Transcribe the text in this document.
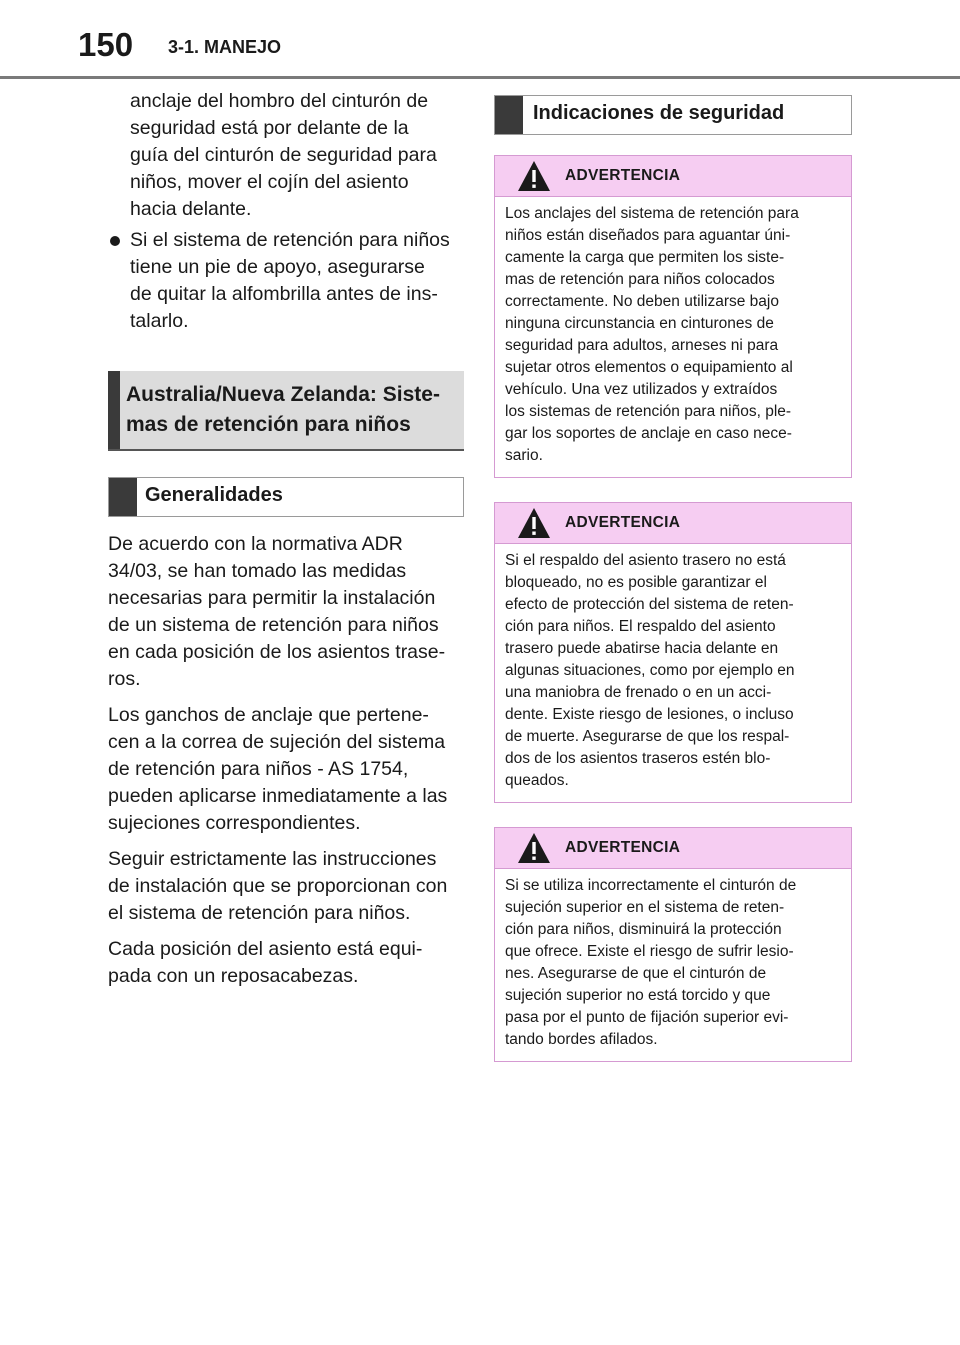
150 3-1. MANEJO
anclaje del hombro del cinturón de
seguridad está por delante de la
guía del cinturón de seguridad para
niños, mover el cojín del asiento
hacia delante.
Si el sistema de retención para niños
tiene un pie de apoyo, asegurarse
de quitar la alfombrilla antes de ins-
talarlo.
Australia/Nueva Zelanda: Siste-
mas de retención para niños
Generalidades
De acuerdo con la normativa ADR
34/03, se han tomado las medidas
necesarias para permitir la instalación
de un sistema de retención para niños
en cada posición de los asientos trase-
ros.
Los ganchos de anclaje que pertene-
cen a la correa de sujeción del sistema
de retención para niños - AS 1754,
pueden aplicarse inmediatamente a las
sujeciones correspondientes.
Seguir estrictamente las instrucciones
de instalación que se proporcionan con
el sistema de retención para niños.
Cada posición del asiento está equi-
pada con un reposacabezas.
Indicaciones de seguridad
ADVERTENCIA
Los anclajes del sistema de retención para
niños están diseñados para aguantar úni-
camente la carga que permiten los siste-
mas de retención para niños colocados
correctamente. No deben utilizarse bajo
ninguna circunstancia en cinturones de
seguridad para adultos, arneses ni para
sujetar otros elementos o equipamiento al
vehículo. Una vez utilizados y extraídos
los sistemas de retención para niños, ple-
gar los soportes de anclaje en caso nece-
sario.
ADVERTENCIA
Si el respaldo del asiento trasero no está
bloqueado, no es posible garantizar el
efecto de protección del sistema de reten-
ción para niños. El respaldo del asiento
trasero puede abatirse hacia delante en
algunas situaciones, como por ejemplo en
una maniobra de frenado o en un acci-
dente. Existe riesgo de lesiones, o incluso
de muerte. Asegurarse de que los respal-
dos de los asientos traseros estén blo-
queados.
ADVERTENCIA
Si se utiliza incorrectamente el cinturón de
sujeción superior en el sistema de reten-
ción para niños, disminuirá la protección
que ofrece. Existe el riesgo de sufrir lesio-
nes. Asegurarse de que el cinturón de
sujeción superior no está torcido y que
pasa por el punto de fijación superior evi-
tando bordes afilados.
